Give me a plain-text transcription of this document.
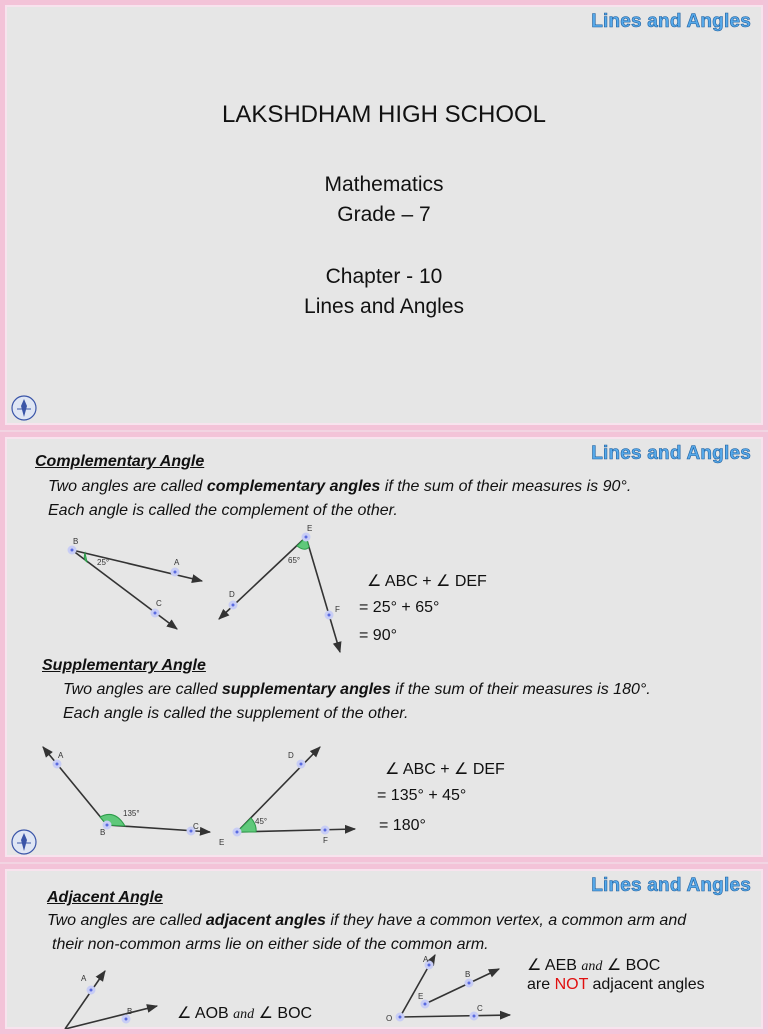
Lines and Angles
LAKSHDHAM HIGH SCHOOL
Mathematics
Grade – 7
Chapter - 10
Lines and Angles
Lines and Angles
Complementary Angle
Two angles are called complementary angles if the sum of their measures is 90°.
Each angle is called the complement of the other.
B
A
C
25°
E
D
F
65°
∠ ABC + ∠ DEF
= 25° + 65°
= 90°
Supplementary Angle
Two angles are called supplementary angles if the sum of their measures is 180°.
Each angle is called the supplement of the other.
B
A
C
135°
E
D
F
45°
∠ ABC + ∠ DEF
= 135° + 45°
= 180°
Lines and Angles
Adjacent Angle
Two angles are called adjacent angles if they have a common vertex, a common arm and
their non-common arms lie on either side of the common arm.
A
B
O
E
A
B
C
∠ AOB and ∠ BOC
∠ AEB and ∠ BOC
are NOT adjacent angles
